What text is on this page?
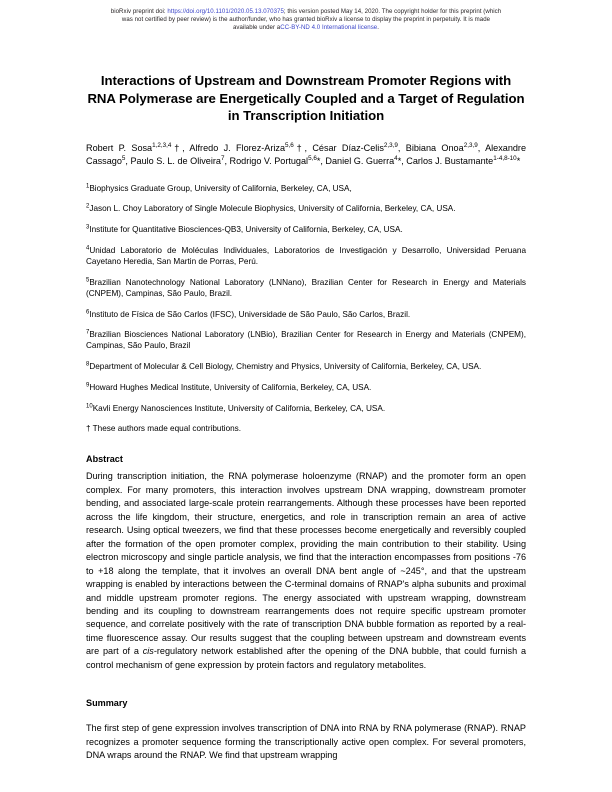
bioRxiv preprint doi: https://doi.org/10.1101/2020.05.13.070375; this version posted May 14, 2020. The copyright holder for this preprint (which
was not certified by peer review) is the author/funder, who has granted bioRxiv a license to display the preprint in perpetuity. It is made
available under aCC-BY-ND 4.0 International license.
Interactions of Upstream and Downstream Promoter Regions with RNA Polymerase are Energetically Coupled and a Target of Regulation in Transcription Initiation
Robert P. Sosa$^{1,2,3,4}$†, Alfredo J. Florez-Ariza$^{5,6}$†, César Díaz-Celis$^{2,3,9}$, Bibiana Onoa$^{2,3,9}$, Alexandre Cassago$^5$, Paulo S. L. de Oliveira$^7$, Rodrigo V. Portugal$^{5,6}$*, Daniel G. Guerra$^4$*, Carlos J. Bustamante$^{1-4,8-10}$*
$^1$Biophysics Graduate Group, University of California, Berkeley, CA, USA,
$^2$Jason L. Choy Laboratory of Single Molecule Biophysics, University of California, Berkeley, CA, USA.
$^3$Institute for Quantitative Biosciences-QB3, University of California, Berkeley, CA, USA.
$^4$Unidad Laboratorio de Moléculas Individuales, Laboratorios de Investigación y Desarrollo, Universidad Peruana Cayetano Heredia, San Martin de Porras, Perú.
$^5$Brazilian Nanotechnology National Laboratory (LNNano), Brazilian Center for Research in Energy and Materials (CNPEM), Campinas, São Paulo, Brazil.
$^6$Instituto de Física de São Carlos (IFSC), Universidade de São Paulo, São Carlos, Brazil.
$^7$Brazilian Biosciences National Laboratory (LNBio), Brazilian Center for Research in Energy and Materials (CNPEM), Campinas, São Paulo, Brazil
$^8$Department of Molecular & Cell Biology, Chemistry and Physics, University of California, Berkeley, CA, USA.
$^9$Howard Hughes Medical Institute, University of California, Berkeley, CA, USA.
$^{10}$Kavli Energy Nanosciences Institute, University of California, Berkeley, CA, USA.
† These authors made equal contributions.
Abstract
During transcription initiation, the RNA polymerase holoenzyme (RNAP) and the promoter form an open complex. For many promoters, this interaction involves upstream DNA wrapping, downstream promoter bending, and associated large-scale protein rearrangements. Although these processes have been reported across the life kingdom, their structure, energetics, and role in transcription remain an area of active research. Using optical tweezers, we find that these processes become energetically and reversibly coupled after the formation of the open promoter complex, providing the main contribution to their stability. Using electron microscopy and single particle analysis, we find that the interaction encompasses from positions -76 to +18 along the template, that it involves an overall DNA bent angle of ~245°, and that the upstream wrapping is enabled by interactions between the C-terminal domains of RNAP's alpha subunits and proximal and middle upstream promoter regions. The energy associated with upstream wrapping, downstream bending and its coupling to downstream rearrangements does not require specific upstream promoter sequence, and correlate positively with the rate of transcription DNA bubble formation as reported by a real-time fluorescence assay. Our results suggest that the coupling between upstream and downstream events are part of a cis-regulatory network established after the opening of the DNA bubble, that could furnish a control mechanism of gene expression by protein factors and regulatory metabolites.
Summary
The first step of gene expression involves transcription of DNA into RNA by RNA polymerase (RNAP). RNAP recognizes a promoter sequence forming the transcriptionally active open complex. For several promoters, DNA wraps around the RNAP. We find that upstream wrapping
